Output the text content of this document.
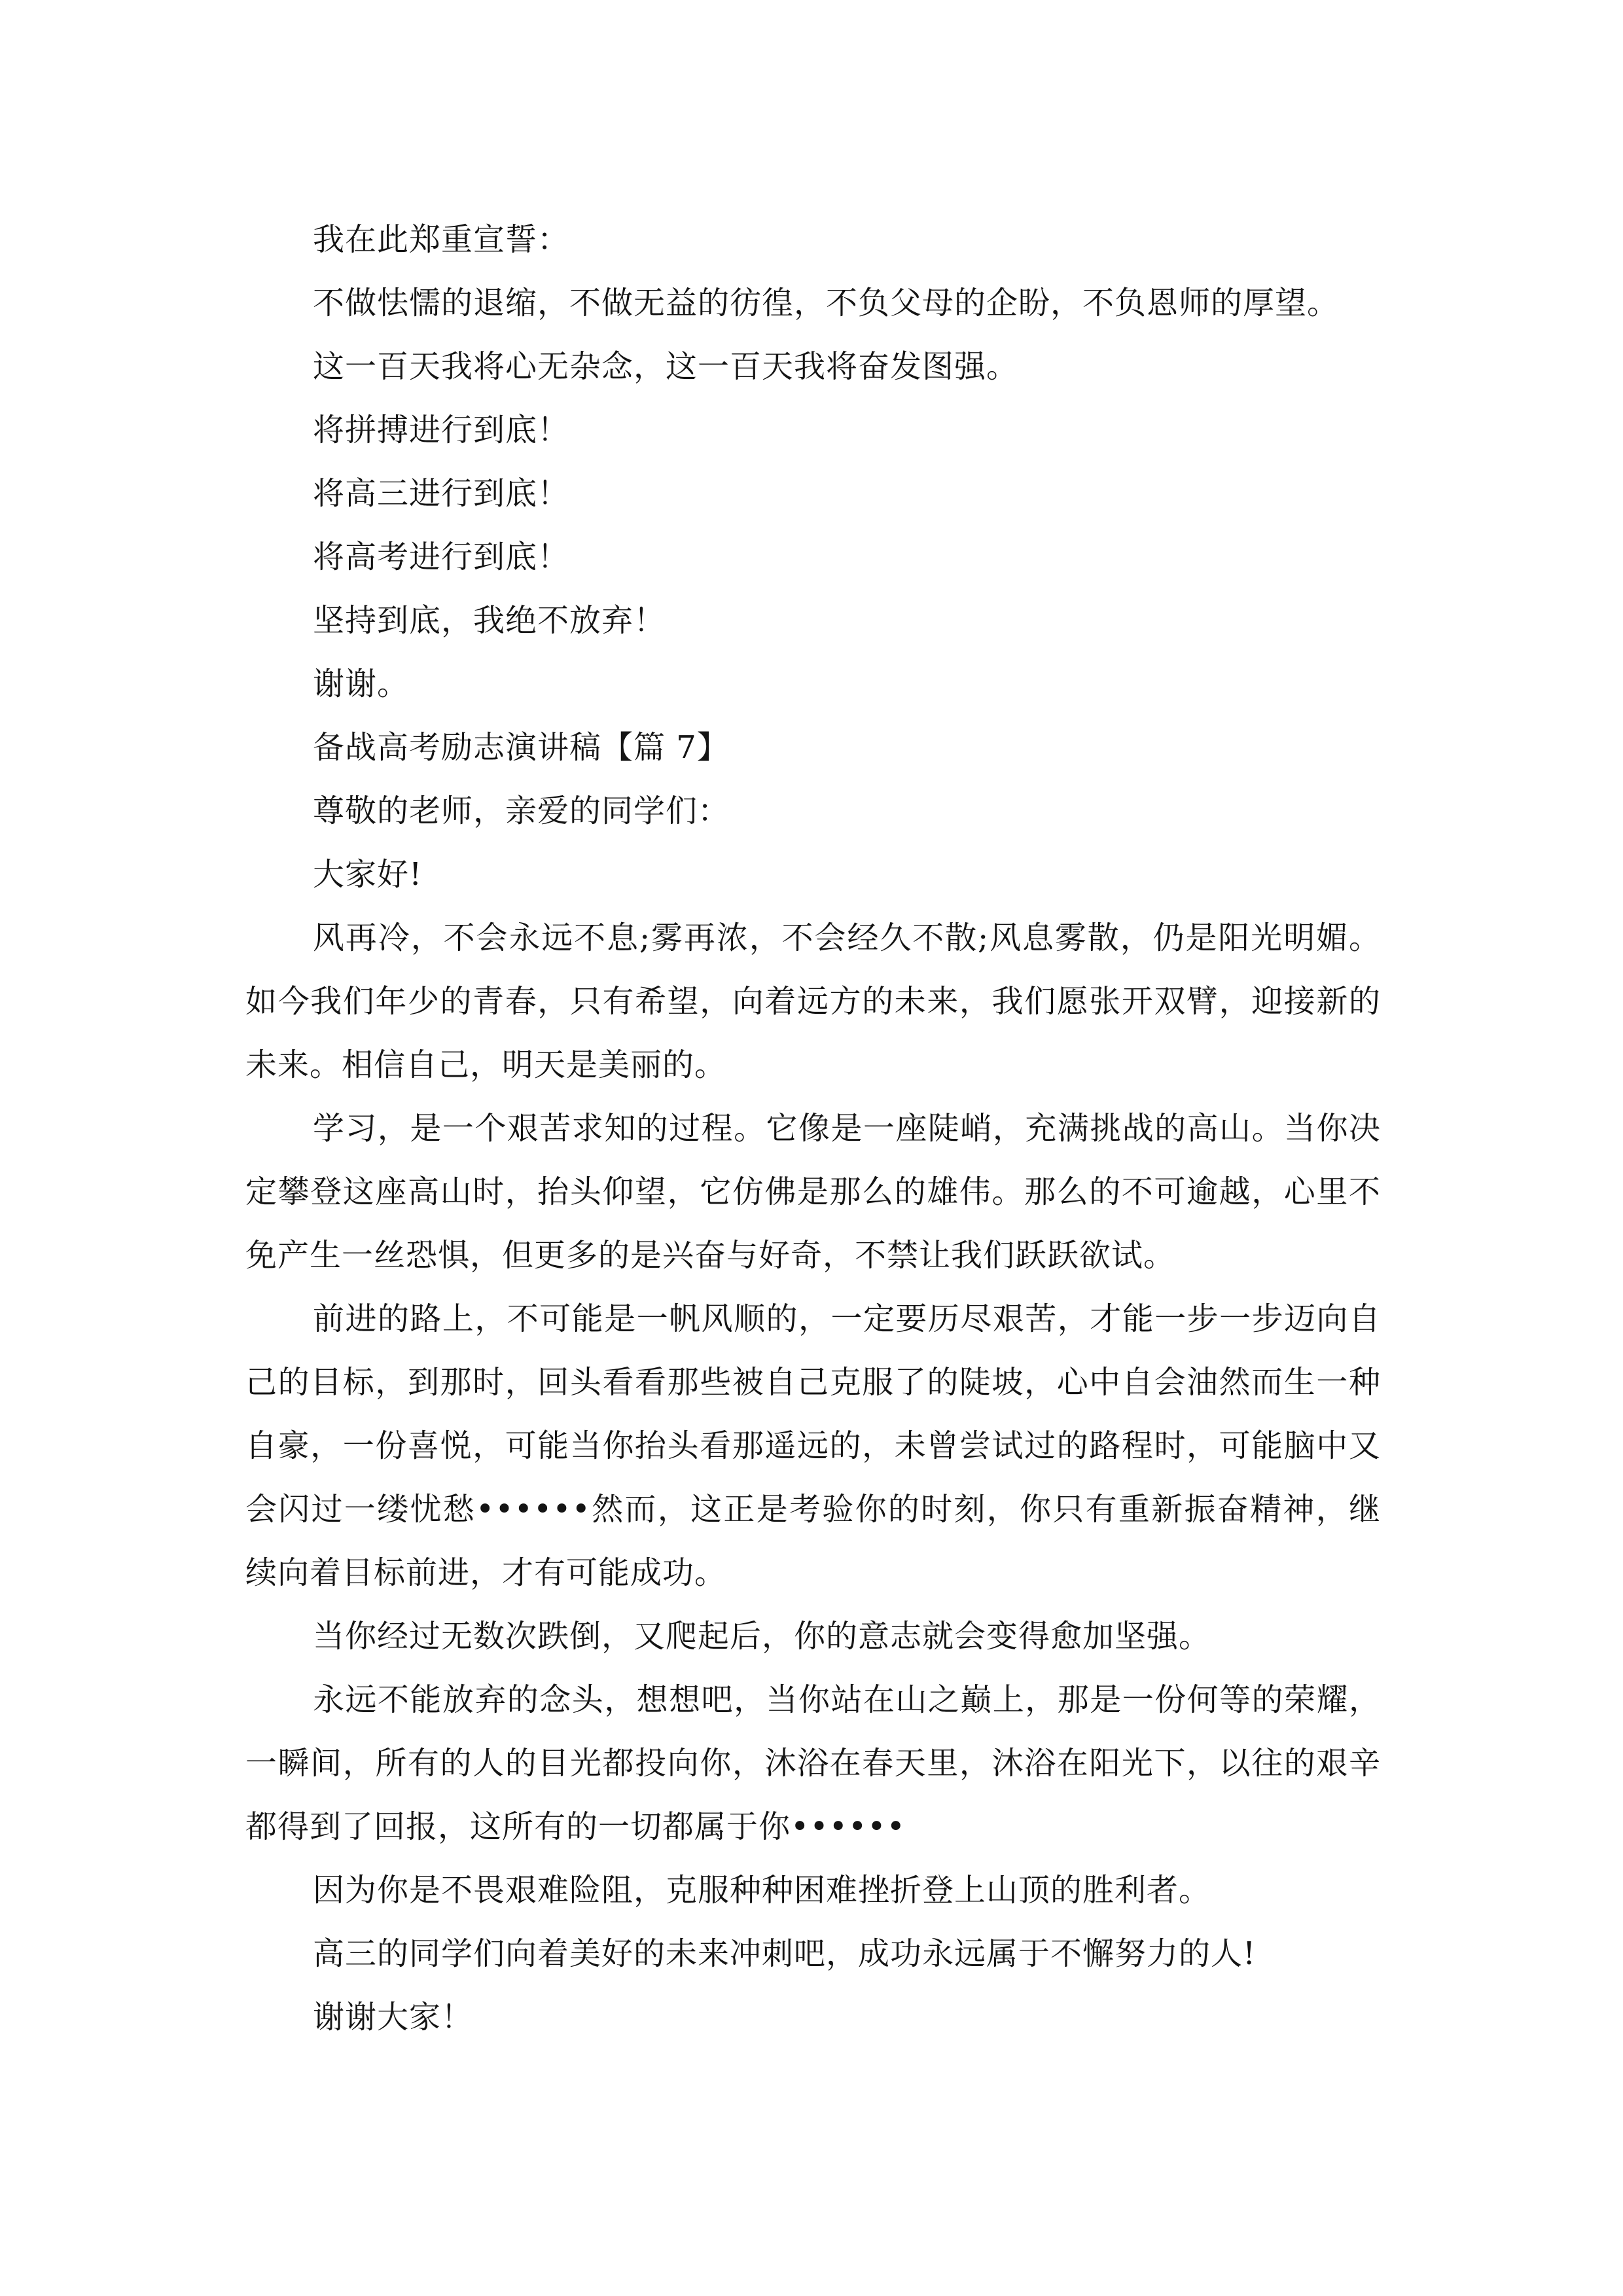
我在此郑重宣誓：

不做怯懦的退缩，不做无益的彷徨，不负父母的企盼，不负恩师的厚望。

这一百天我将心无杂念，这一百天我将奋发图强。

将拼搏进行到底！

将高三进行到底！

将高考进行到底！

坚持到底，我绝不放弃！

谢谢。

备战高考励志演讲稿【篇 7】

尊敬的老师，亲爱的同学们：

大家好!

风再冷，不会永远不息;雾再浓，不会经久不散;风息雾散，仍是阳光明媚。如今我们年少的青春，只有希望，向着远方的未来，我们愿张开双臂，迎接新的未来。相信自己，明天是美丽的。

学习，是一个艰苦求知的过程。它像是一座陡峭，充满挑战的高山。当你决定攀登这座高山时，抬头仰望，它仿佛是那么的雄伟。那么的不可逾越，心里不免产生一丝恐惧，但更多的是兴奋与好奇，不禁让我们跃跃欲试。

前进的路上，不可能是一帆风顺的，一定要历尽艰苦，才能一步一步迈向自己的目标，到那时，回头看看那些被自己克服了的陡坡，心中自会油然而生一种自豪，一份喜悦，可能当你抬头看那遥远的，未曾尝试过的路程时，可能脑中又会闪过一缕忧愁••••••然而，这正是考验你的时刻，你只有重新振奋精神，继续向着目标前进，才有可能成功。

当你经过无数次跌倒，又爬起后，你的意志就会变得愈加坚强。

永远不能放弃的念头，想想吧，当你站在山之巅上，那是一份何等的荣耀，一瞬间，所有的人的目光都投向你，沐浴在春天里，沐浴在阳光下，以往的艰辛都得到了回报，这所有的一切都属于你••••••

因为你是不畏艰难险阻，克服种种困难挫折登上山顶的胜利者。

高三的同学们向着美好的未来冲刺吧，成功永远属于不懈努力的人!

谢谢大家！
